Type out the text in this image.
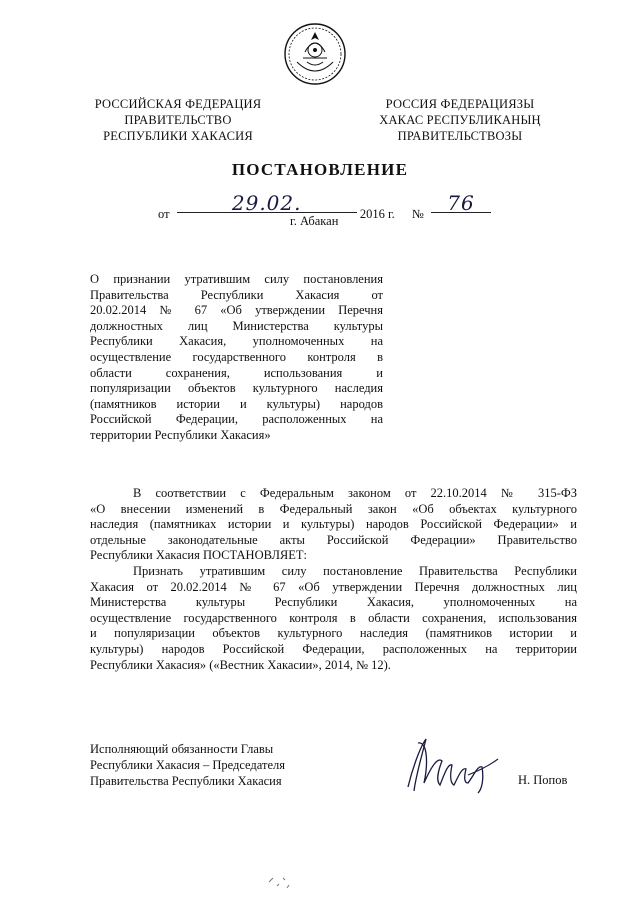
РОССИЙСКАЯ ФЕДЕРАЦИЯ
ПРАВИТЕЛЬСТВО
РЕСПУБЛИКИ ХАКАСИЯ
РОССИЯ ФЕДЕРАЦИЯЗЫ
ХАКАС РЕСПУБЛИКАНЫҢ
ПРАВИТЕЛЬСТВОЗЫ
ПОСТАНОВЛЕНИЕ
от	29.02.	2016 г. № 76
г. Абакан
О признании утратившим силу постановления
Правительства Республики Хакасия от
20.02.2014 № 67 «Об утверждении Перечня
должностных лиц Министерства культуры
Республики Хакасия, уполномоченных на
осуществление государственного контроля в
области сохранения, использования и
популяризации объектов культурного наследия
(памятников истории и культуры) народов
Российской Федерации, расположенных на
территории Республики Хакасия»
В соответствии с Федеральным законом от 22.10.2014 № 315-ФЗ
«О внесении изменений в Федеральный закон «Об объектах культурного
наследия (памятниках истории и культуры) народов Российской Федерации» и
отдельные законодательные акты Российской Федерации» Правительство
Республики Хакасия ПОСТАНОВЛЯЕТ:
Признать утратившим силу постановление Правительства Республики
Хакасия от 20.02.2014 № 67 «Об утверждении Перечня должностных лиц
Министерства культуры Республики Хакасия, уполномоченных на
осуществление государственного контроля в области сохранения, использования
и популяризации объектов культурного наследия (памятников истории и
культуры) народов Российской Федерации, расположенных на территории
Республики Хакасия» («Вестник Хакасии», 2014, № 12).
Исполняющий обязанности Главы
Республики Хакасия – Председателя
Правительства Республики Хакасия	Н. Попов
